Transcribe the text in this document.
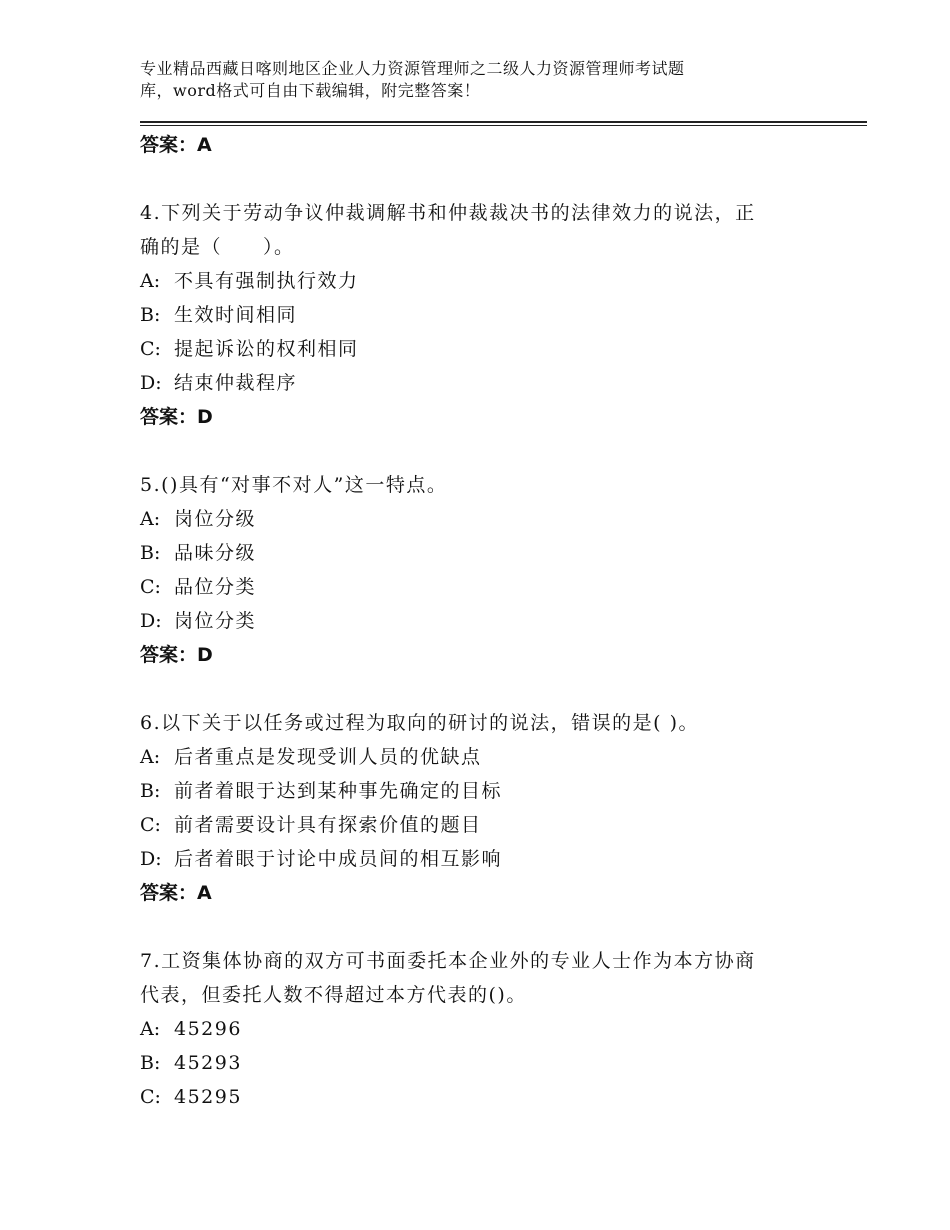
专业精品西藏日喀则地区企业人力资源管理师之二级人力资源管理师考试题
库，word格式可自由下载编辑，附完整答案！
答案：A
4.下列关于劳动争议仲裁调解书和仲裁裁决书的法律效力的说法，正
确的是（　　）。
A: 不具有强制执行效力
B: 生效时间相同
C: 提起诉讼的权利相同
D: 结束仲裁程序
答案：D
5.()具有“对事不对人”这一特点。
A: 岗位分级
B: 品味分级
C: 品位分类
D: 岗位分类
答案：D
6.以下关于以任务或过程为取向的研讨的说法，错误的是( )。
A: 后者重点是发现受训人员的优缺点
B: 前者着眼于达到某种事先确定的目标
C: 前者需要设计具有探索价值的题目
D: 后者着眼于讨论中成员间的相互影响
答案：A
7.工资集体协商的双方可书面委托本企业外的专业人士作为本方协商
代表，但委托人数不得超过本方代表的()。
A: 45296
B: 45293
C: 45295
